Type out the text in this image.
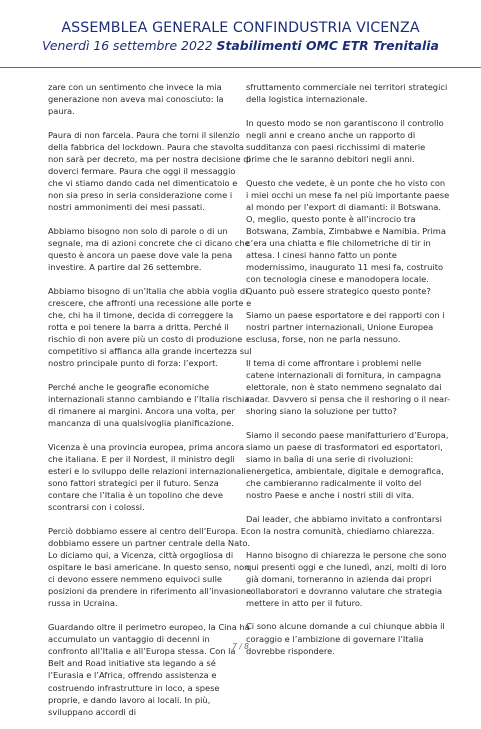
ASSEMBLEA GENERALE CONFINDUSTRIA VICENZA
Venerdì 16 settembre 2022 Stabilimenti OMC ETR Trenitalia

zare con un sentimento che invece la mia generazione non aveva mai conosciuto: la paura.

Paura di non farcela. Paura che torni il silenzio della fabbrica del lockdown. Paura che stavolta non sarà per decreto, ma per nostra decisione di doverci fermare. Paura che oggi il messaggio che vi stiamo dando cada nel dimenticatoio e non sia preso in seria considerazione come i nostri ammonimenti dei mesi passati.

Abbiamo bisogno non solo di parole o di un segnale, ma di azioni concrete che ci dicano che questo è ancora un paese dove vale la pena investire. A partire dal 26 settembre.

Abbiamo bisogno di un’Italia che abbia voglia di crescere, che affronti una recessione alle porte e che, chi ha il timone, decida di correggere la rotta e poi tenere la barra a dritta. Perché il rischio di non avere più un costo di produzione competitivo si affianca alla grande incertezza sul nostro principale punto di forza: l’export.

Perché anche le geografie economiche internazionali stanno cambiando e l’Italia rischia di rimanere ai margini. Ancora una volta, per mancanza di una qualsivoglia pianificazione.

Vicenza è una provincia europea, prima ancora che italiana. E per il Nordest, il ministro degli esteri e lo sviluppo delle relazioni internazionali sono fattori strategici per il futuro. Senza contare che l’Italia è un topolino che deve scontrarsi con i colossi.

Perciò dobbiamo essere al centro dell’Europa. E dobbiamo essere un partner centrale della Nato. Lo diciamo qui, a Vicenza, città orgogliosa di ospitare le basi americane. In questo senso, non ci devono essere nemmeno equivoci sulle posizioni da prendere in riferimento all’invasione russa in Ucraina.

Guardando oltre il perimetro europeo, la Cina ha accumulato un vantaggio di decenni in confronto all’Italia e all’Europa stessa. Con la Belt and Road initiative sta legando a sé l’Eurasia e l’Africa, offrendo assistenza e costruendo infrastrutture in loco, a spese proprie, e dando lavoro ai locali. In più, sviluppano accordi di

sfruttamento commerciale nei territori strategici della logistica internazionale.

In questo modo se non garantiscono il controllo negli anni e creano anche un rapporto di sudditanza con paesi ricchissimi di materie prime che le saranno debitori negli anni.

Questo che vedete, è un ponte che ho visto con i miei occhi un mese fa nel più importante paese al mondo per l’export di diamanti: il Botswana. O, meglio, questo ponte è all’incrocio tra Botswana, Zambia, Zimbabwe e Namibia. Prima c’era una chiatta e file chilometriche di tir in attesa. I cinesi hanno fatto un ponte modernissimo, inaugurato 11 mesi fa, costruito con tecnologia cinese e manodopera locale. Quanto può essere strategico questo ponte?

Siamo un paese esportatore e dei rapporti con i nostri partner internazionali, Unione Europea esclusa, forse, non ne parla nessuno.

Il tema di come affrontare i problemi nelle catene internazionali di fornitura, in campagna elettorale, non è stato nemmeno segnalato dai radar. Davvero si pensa che il reshoring o il near-shoring siano la soluzione per tutto?

Siamo il secondo paese manifatturiero d’Europa, siamo un paese di trasformatori ed esportatori, siamo in balìa di una serie di rivoluzioni: energetica, ambientale, digitale e demografica, che cambieranno radicalmente il volto del nostro Paese e anche i nostri stili di vita.

Dai leader, che abbiamo invitato a confrontarsi con la nostra comunità, chiediamo chiarezza.

Hanno bisogno di chiarezza le persone che sono qui presenti oggi e che lunedì, anzi, molti di loro già domani, torneranno in azienda dai propri collaboratori e dovranno valutare che strategia mettere in atto per il futuro.

Ci sono alcune domande a cui chiunque abbia il coraggio e l’ambizione di governare l’Italia dovrebbe rispondere.

7 / 8
